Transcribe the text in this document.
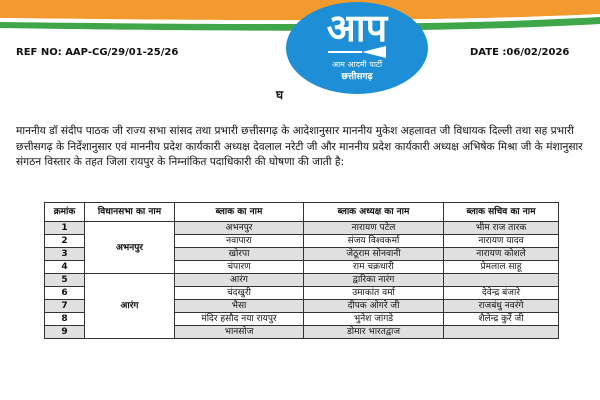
आप
आम आदमी पार्टी
छत्तीसगढ़
REF NO: AAP-CG/29/01-25/26	DATE :06/02/2026
घ
माननीय डॉ संदीप पाठक जी राज्य सभा सांसद तथा प्रभारी छत्तीसगढ़ के आदेशानुसार माननीय मुकेश अहलावत जी विधायक दिल्ली तथा सह प्रभारी छत्तीसगढ़ के निर्देशानुसार एवं माननीय प्रदेश कार्यकारी अध्यक्ष देवलाल नरेटी जी और माननीय प्रदेश कार्यकारी अध्यक्ष अभिषेक मिश्रा जी के मंशानुसार संगठन विस्तार के तहत जिला रायपुर के निम्नांकित पदाधिकारी की घोषणा की जाती है:
क्रमांक	विधानसभा का नाम	ब्लाक का नाम	ब्लाक अध्यक्ष का नाम	ब्लाक सचिव का नाम
1	अभनपुर	अभनपुर	नारायण पटेल	भीम राज तारक
2		नवापारा	संजय विश्वकर्मा	नारायण यादव
3		खोरपा	जेठूराम सोनवानी	नारायण कोशले
4		चंपारण	राम चक्रधारी	प्रेमलाल साहू
5	आरंग	आरंग	द्वारिका नारंग	
6		चंदखुरी	उमाकांत वर्मा	देवेन्द्र बंजारे
7		भैसा	दीपक ओगरे जी	राजबंधु नवरंगे
8		मंदिर हसौद नया रायपुर	भुनेश जांगडे	शैलेन्द्र कुर्रे जी
9		भानसोज	डोमार भारतद्वाज	
